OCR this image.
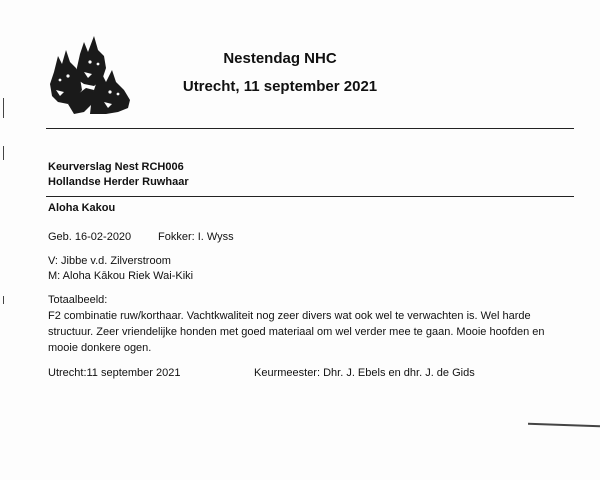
Nestendag NHC
Utrecht, 11 september 2021
Keurverslag Nest RCH006
Hollandse Herder Ruwhaar
Aloha Kakou
Geb. 16-02-2020 Fokker: I. Wyss
V: Jibbe v.d. Zilverstroom
M: Aloha Kākou Riek Wai-Kiki
Totaalbeeld:
F2 combinatie ruw/korthaar. Vachtkwaliteit nog zeer divers wat ook wel te verwachten is. Wel harde structuur. Zeer vriendelijke honden met goed materiaal om wel verder mee te gaan. Mooie hoofden en mooie donkere ogen.
Utrecht:11 september 2021	Keurmeester: Dhr. J. Ebels en dhr. J. de Gids
